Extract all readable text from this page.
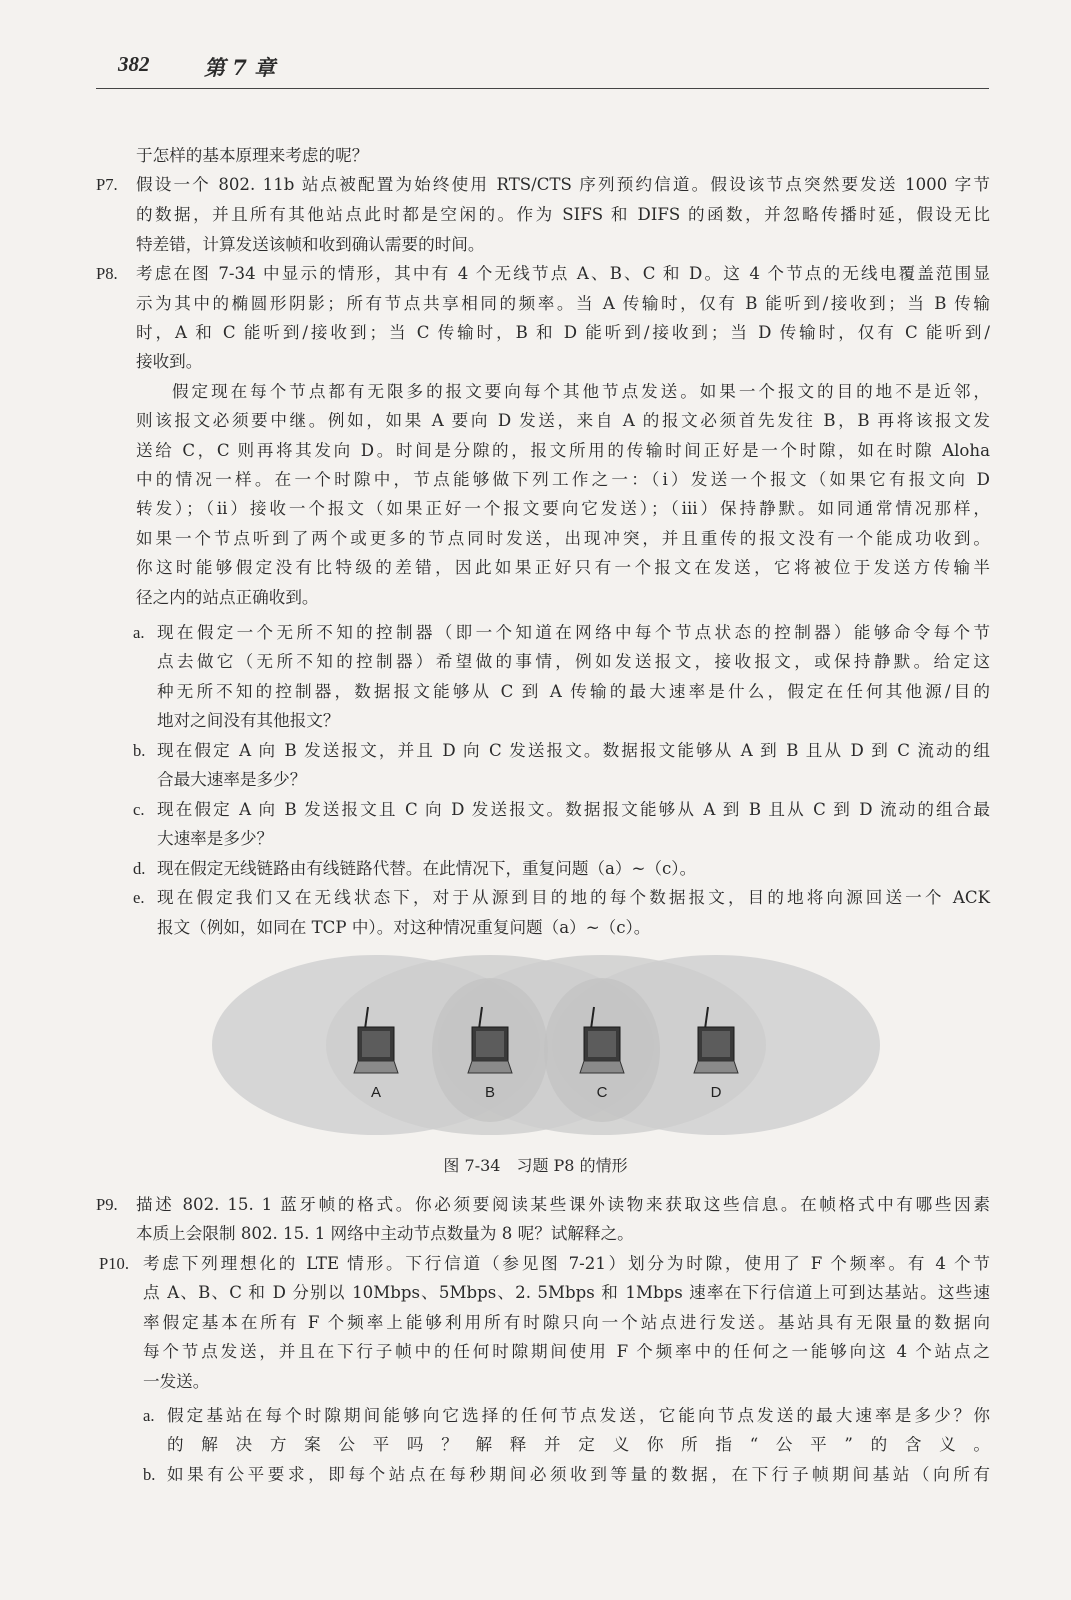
382	第 7 章
于怎样的基本原理来考虑的呢？
P7. 假设一个 802. 11b 站点被配置为始终使用 RTS/CTS 序列预约信道。假设该节点突然要发送 1000 字节
的数据，并且所有其他站点此时都是空闲的。作为 SIFS 和 DIFS 的函数，并忽略传播时延，假设无比
特差错，计算发送该帧和收到确认需要的时间。
P8. 考虑在图 7-34 中显示的情形，其中有 4 个无线节点 A、B、C 和 D。这 4 个节点的无线电覆盖范围显
示为其中的椭圆形阴影；所有节点共享相同的频率。当 A 传输时，仅有 B 能听到/接收到；当 B 传输
时，A 和 C 能听到/接收到；当 C 传输时，B 和 D 能听到/接收到；当 D 传输时，仅有 C 能听到/
接收到。
假定现在每个节点都有无限多的报文要向每个其他节点发送。如果一个报文的目的地不是近邻，
则该报文必须要中继。例如，如果 A 要向 D 发送，来自 A 的报文必须首先发往 B，B 再将该报文发
送给 C，C 则再将其发向 D。时间是分隙的，报文所用的传输时间正好是一个时隙，如在时隙 Aloha
中的情况一样。在一个时隙中，节点能够做下列工作之一：（i）发送一个报文（如果它有报文向 D
转发）；（ii）接收一个报文（如果正好一个报文要向它发送）；（iii）保持静默。如同通常情况那样，
如果一个节点听到了两个或更多的节点同时发送，出现冲突，并且重传的报文没有一个能成功收到。
你这时能够假定没有比特级的差错，因此如果正好只有一个报文在发送，它将被位于发送方传输半
径之内的站点正确收到。
a. 现在假定一个无所不知的控制器（即一个知道在网络中每个节点状态的控制器）能够命令每个节
点去做它（无所不知的控制器）希望做的事情，例如发送报文，接收报文，或保持静默。给定这
种无所不知的控制器，数据报文能够从 C 到 A 传输的最大速率是什么，假定在任何其他源/目的
地对之间没有其他报文？
b. 现在假定 A 向 B 发送报文，并且 D 向 C 发送报文。数据报文能够从 A 到 B 且从 D 到 C 流动的组
合最大速率是多少？
c. 现在假定 A 向 B 发送报文且 C 向 D 发送报文。数据报文能够从 A 到 B 且从 C 到 D 流动的组合最
大速率是多少？
d. 现在假定无线链路由有线链路代替。在此情况下，重复问题（a）~（c）。
e. 现在假定我们又在无线状态下，对于从源到目的地的每个数据报文，目的地将向源回送一个 ACK
报文（例如，如同在 TCP 中）。对这种情况重复问题（a）~（c）。
P9. 描述 802. 15. 1 蓝牙帧的格式。你必须要阅读某些课外读物来获取这些信息。在帧格式中有哪些因素
本质上会限制 802. 15. 1 网络中主动节点数量为 8 呢？试解释之。
P10. 考虑下列理想化的 LTE 情形。下行信道（参见图 7-21）划分为时隙，使用了 F 个频率。有 4 个节
点 A、B、C 和 D 分别以 10Mbps、5Mbps、2. 5Mbps 和 1Mbps 速率在下行信道上可到达基站。这些速
率假定基本在所有 F 个频率上能够利用所有时隙只向一个站点进行发送。基站具有无限量的数据向
每个节点发送，并且在下行子帧中的任何时隙期间使用 F 个频率中的任何之一能够向这 4 个站点之
一发送。
a. 假定基站在每个时隙期间能够向它选择的任何节点发送，它能向节点发送的最大速率是多少？你
的解决方案公平吗？解释并定义你所指“公平”的含义。
b. 如果有公平要求，即每个站点在每秒期间必须收到等量的数据，在下行子帧期间基站（向所有
A	B	C	D
图 7-34　习题 P8 的情形
